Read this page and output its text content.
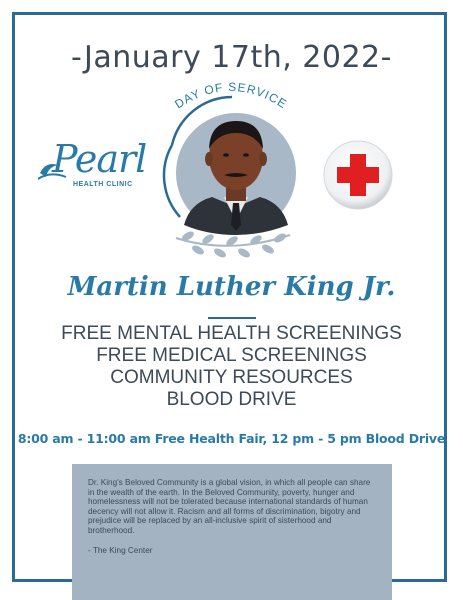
-January 17th, 2022-
DAY OF SERVICE
Pearl
HEALTH CLINIC
Martin Luther King Jr.
FREE MENTAL HEALTH SCREENINGS
FREE MEDICAL SCREENINGS
COMMUNITY RESOURCES
BLOOD DRIVE
8:00 am - 11:00 am Free Health Fair, 12 pm - 5 pm Blood Drive
Dr. King's Beloved Community is a global vision, in which all people can share in the wealth of the earth. In the Beloved Community, poverty, hunger and homelessness will not be tolerated because international standards of human decency will not allow it. Racism and all forms of discrimination, bigotry and prejudice will be replaced by an all-inclusive spirit of sisterhood and brotherhood.
- The King Center
